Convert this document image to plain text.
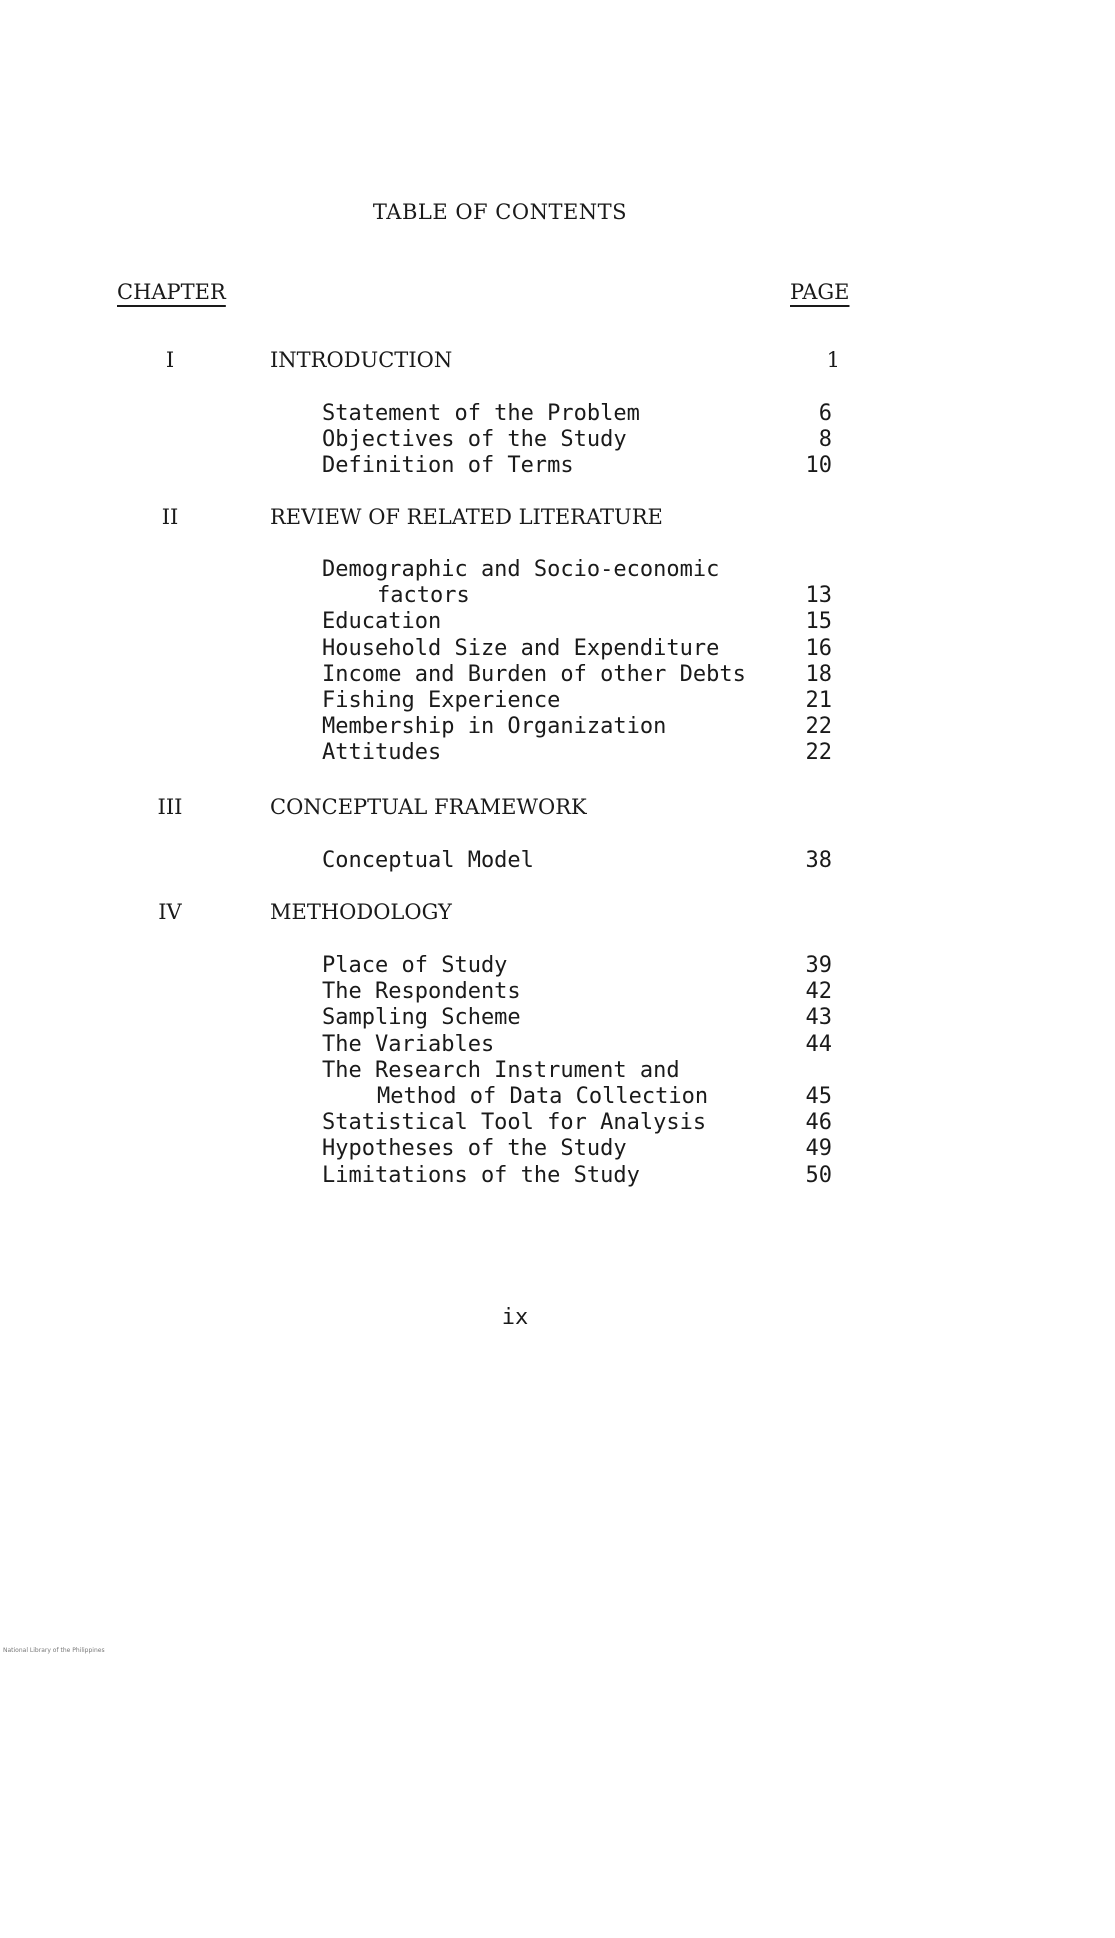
TABLE OF CONTENTS
CHAPTER	PAGE
I	INTRODUCTION	1
Statement of the Problem	6
Objectives of the Study	8
Definition of Terms	10
II	REVIEW OF RELATED LITERATURE
Demographic and Socio-economic
factors	13
Education	15
Household Size and Expenditure	16
Income and Burden of other Debts	18
Fishing Experience	21
Membership in Organization	22
Attitudes	22
III	CONCEPTUAL FRAMEWORK
Conceptual Model	38
IV	METHODOLOGY
Place of Study	39
The Respondents	42
Sampling Scheme	43
The Variables	44
The Research Instrument and
Method of Data Collection	45
Statistical Tool for Analysis	46
Hypotheses of the Study	49
Limitations of the Study	50
ix
National Library of the Philippines
